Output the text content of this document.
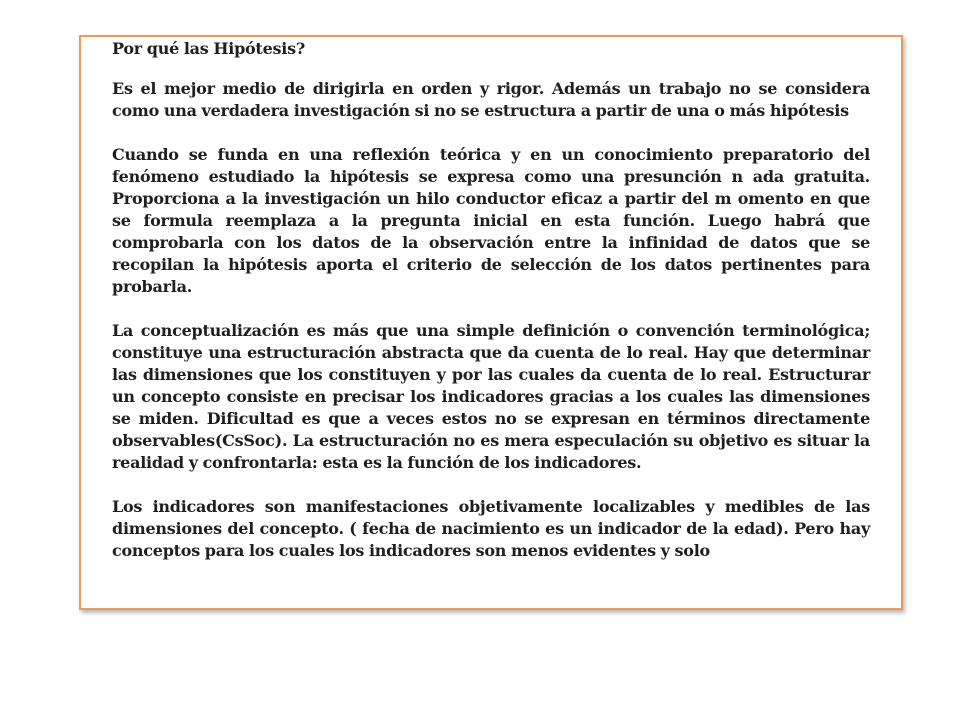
Por qué las Hipótesis?

Es el mejor medio de dirigirla en orden y rigor. Además un trabajo no se considera como una verdadera investigación si no se estructura a partir de una o más hipótesis

Cuando se funda en una reflexión teórica y en un conocimiento preparatorio del fenómeno estudiado la hipótesis se expresa como una presunción n ada gratuita. Proporciona a la investigación un hilo conductor eficaz a partir del m omento en que se formula reemplaza a la pregunta inicial en esta función. Luego habrá que comprobarla con los datos de la observación entre la infinidad de datos que se recopilan la hipótesis aporta el criterio de selección de los datos pertinentes para probarla.

La conceptualización es más que una simple definición o convención terminológica; constituye una estructuración abstracta que da cuenta de lo real. Hay que determinar las dimensiones que los constituyen y por las cuales da cuenta de lo real. Estructurar un concepto consiste en precisar los indicadores gracias a los cuales las dimensiones se miden. Dificultad es que a veces estos no se expresan en términos directamente observables(CsSoc). La estructuración no es mera especulación su objetivo es situar la realidad y confrontarla: esta es la función de los indicadores.

Los indicadores son manifestaciones objetivamente localizables y medibles de las dimensiones del concepto. ( fecha de nacimiento es un indicador de la edad). Pero hay conceptos para los cuales los indicadores son menos evidentes y solo
